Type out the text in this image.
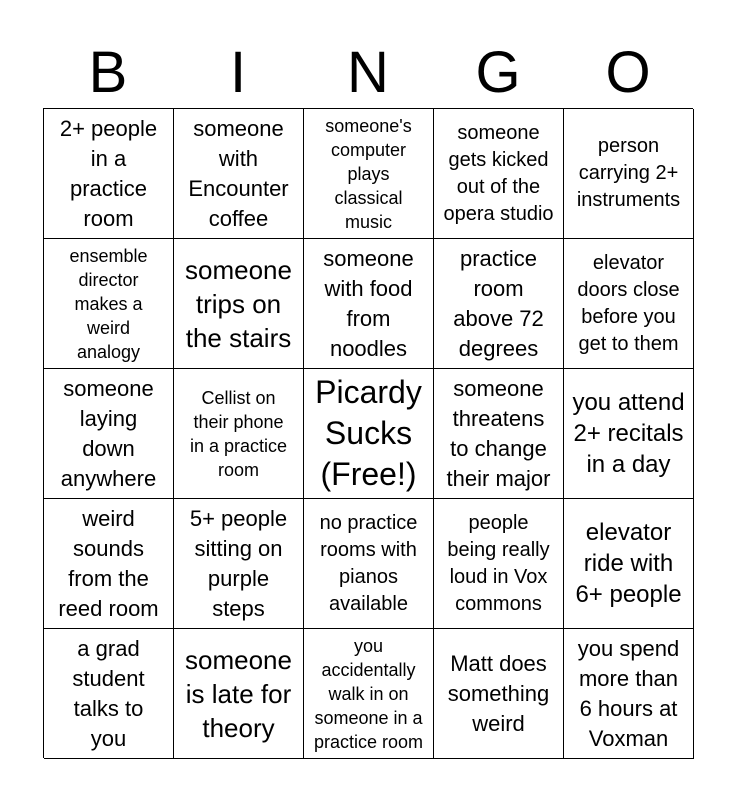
B	I	N	G	O
2+ people
in a
practice
room
someone
with
Encounter
coffee
someone's
computer
plays
classical
music
someone
gets kicked
out of the
opera studio
person
carrying 2+
instruments
ensemble
director
makes a
weird
analogy
someone
trips on
the stairs
someone
with food
from
noodles
practice
room
above 72
degrees
elevator
doors close
before you
get to them
someone
laying
down
anywhere
Cellist on
their phone
in a practice
room
Picardy
Sucks
(Free!)
someone
threatens
to change
their major
you attend
2+ recitals
in a day
weird
sounds
from the
reed room
5+ people
sitting on
purple
steps
no practice
rooms with
pianos
available
people
being really
loud in Vox
commons
elevator
ride with
6+ people
a grad
student
talks to
you
someone
is late for
theory
you
accidentally
walk in on
someone in a
practice room
Matt does
something
weird
you spend
more than
6 hours at
Voxman
